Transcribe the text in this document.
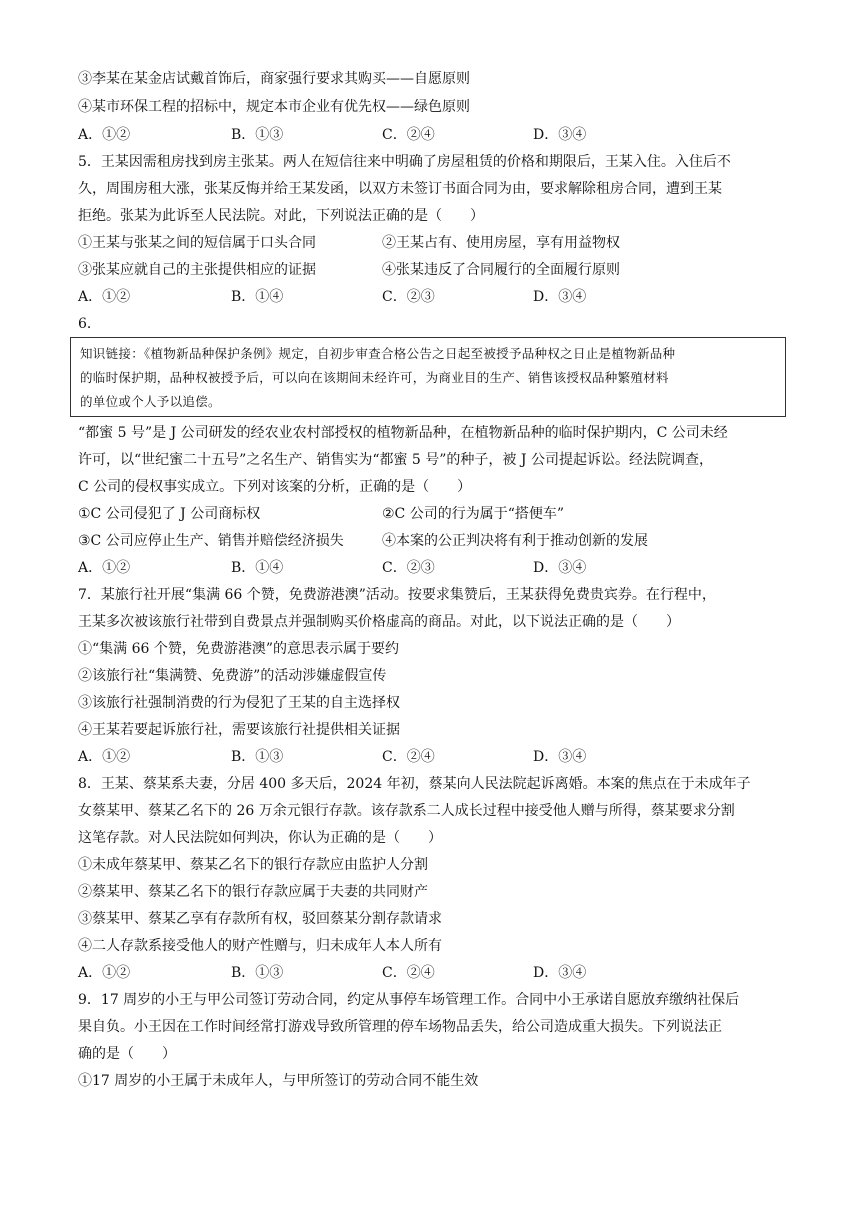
③李某在某金店试戴首饰后，商家强行要求其购买——自愿原则
④某市环保工程的招标中，规定本市企业有优先权——绿色原则
A．①②	B．①③	C．②④	D．③④
5．王某因需租房找到房主张某。两人在短信往来中明确了房屋租赁的价格和期限后，王某入住。入住后不
久，周围房租大涨，张某反悔并给王某发函，以双方未签订书面合同为由，要求解除租房合同，遭到王某
拒绝。张某为此诉至人民法院。对此，下列说法正确的是（　　）
①王某与张某之间的短信属于口头合同	②王某占有、使用房屋，享有用益物权
③张某应就自己的主张提供相应的证据	④张某违反了合同履行的全面履行原则
A．①②	B．①④	C．②③	D．③④
6．
知识链接：《植物新品种保护条例》规定，自初步审查合格公告之日起至被授予品种权之日止是植物新品种
的临时保护期，品种权被授予后，可以向在该期间未经许可，为商业目的生产、销售该授权品种繁殖材料
的单位或个人予以追偿。
“都蜜 5 号”是 J 公司研发的经农业农村部授权的植物新品种，在植物新品种的临时保护期内，C 公司未经
许可，以“世纪蜜二十五号”之名生产、销售实为“都蜜 5 号”的种子，被 J 公司提起诉讼。经法院调查，
C 公司的侵权事实成立。下列对该案的分析，正确的是（　　）
①C 公司侵犯了 J 公司商标权	②C 公司的行为属于“搭便车”
③C 公司应停止生产、销售并赔偿经济损失	④本案的公正判决将有利于推动创新的发展
A．①②	B．①④	C．②③	D．③④
7．某旅行社开展“集满 66 个赞，免费游港澳”活动。按要求集赞后，王某获得免费贵宾券。在行程中，
王某多次被该旅行社带到自费景点并强制购买价格虚高的商品。对此，以下说法正确的是（　　）
①“集满 66 个赞，免费游港澳”的意思表示属于要约
②该旅行社“集满赞、免费游”的活动涉嫌虚假宣传
③该旅行社强制消费的行为侵犯了王某的自主选择权
④王某若要起诉旅行社，需要该旅行社提供相关证据
A．①②	B．①③	C．②④	D．③④
8．王某、蔡某系夫妻，分居 400 多天后，2024 年初，蔡某向人民法院起诉离婚。本案的焦点在于未成年子
女蔡某甲、蔡某乙名下的 26 万余元银行存款。该存款系二人成长过程中接受他人赠与所得，蔡某要求分割
这笔存款。对人民法院如何判决，你认为正确的是（　　）
①未成年蔡某甲、蔡某乙名下的银行存款应由监护人分割
②蔡某甲、蔡某乙名下的银行存款应属于夫妻的共同财产
③蔡某甲、蔡某乙享有存款所有权，驳回蔡某分割存款请求
④二人存款系接受他人的财产性赠与，归未成年人本人所有
A．①②	B．①③	C．②④	D．③④
9．17 周岁的小王与甲公司签订劳动合同，约定从事停车场管理工作。合同中小王承诺自愿放弃缴纳社保后
果自负。小王因在工作时间经常打游戏导致所管理的停车场物品丢失，给公司造成重大损失。下列说法正
确的是（　　）
①17 周岁的小王属于未成年人，与甲所签订的劳动合同不能生效
